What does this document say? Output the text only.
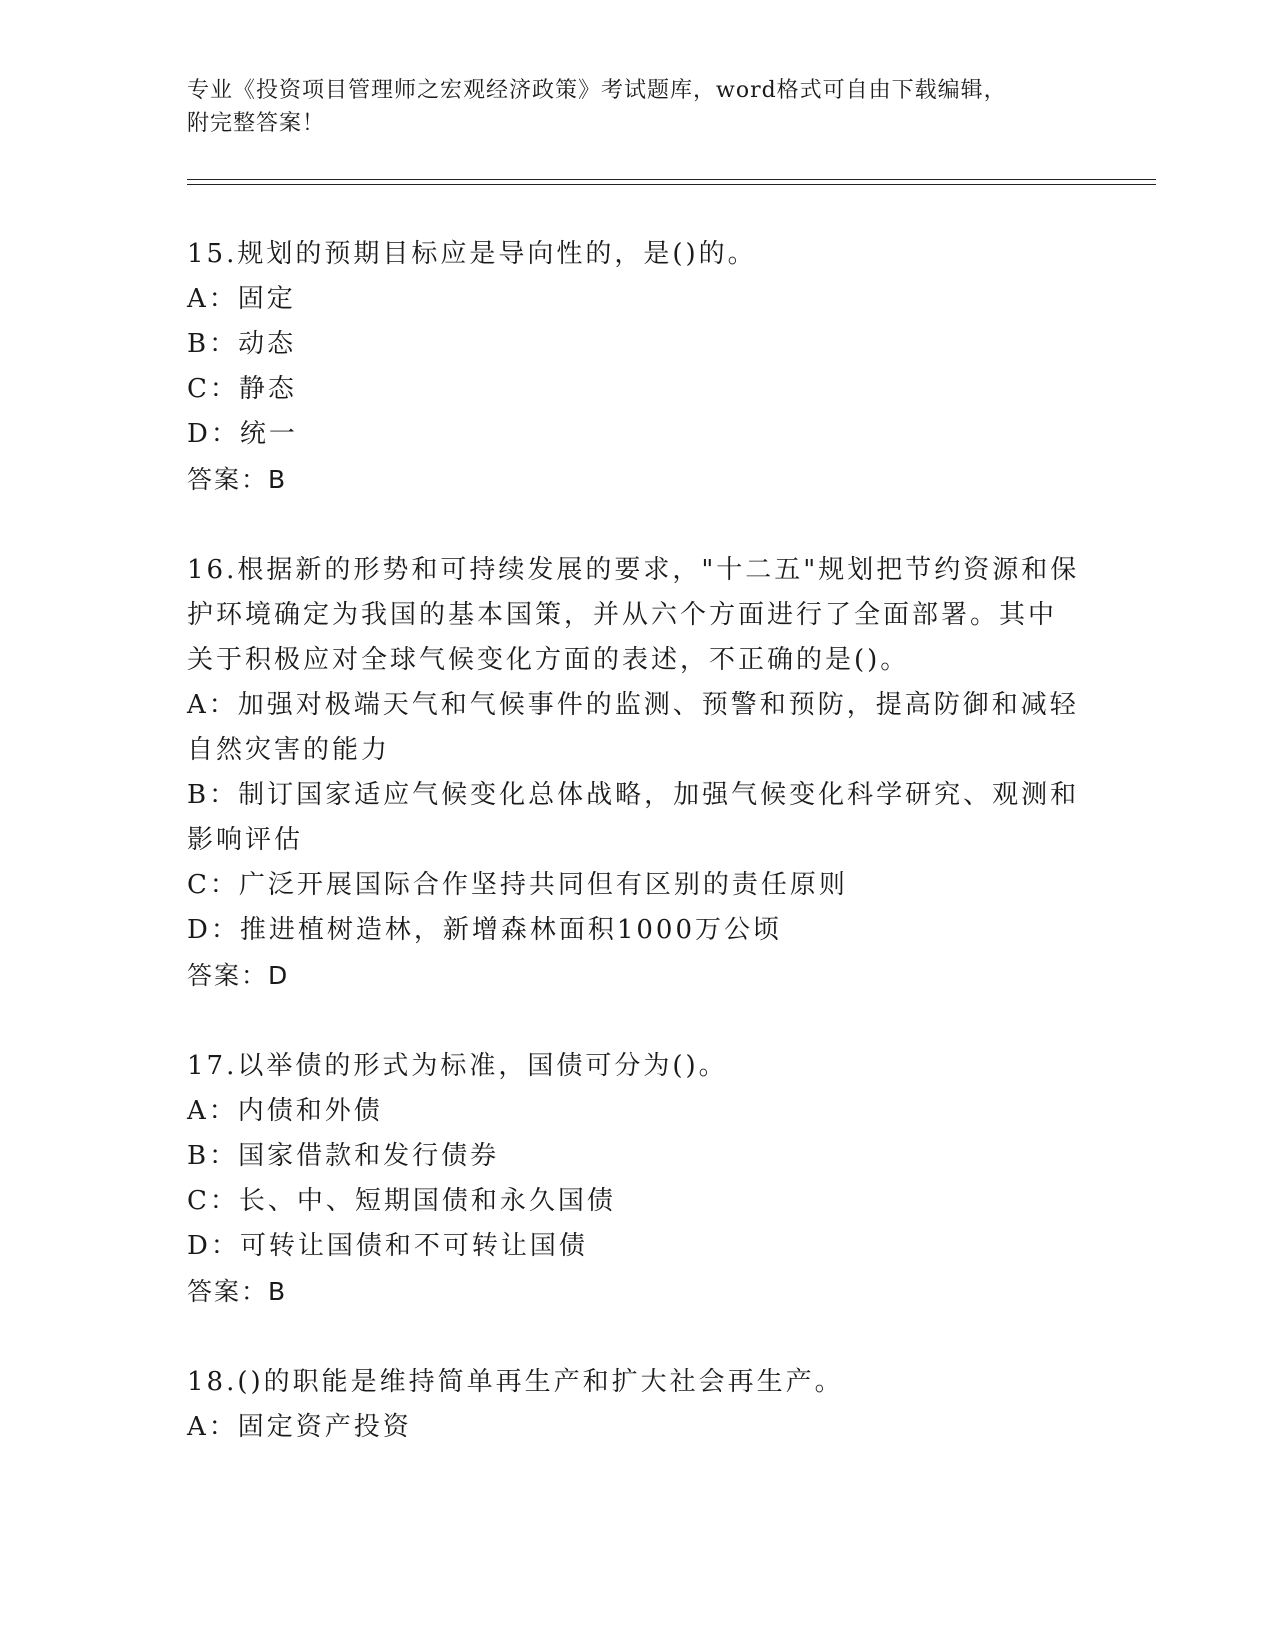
专业《投资项目管理师之宏观经济政策》考试题库，word格式可自由下载编辑，
附完整答案！
15.规划的预期目标应是导向性的，是()的。
A：固定
B：动态
C：静态
D：统一
答案：B
16.根据新的形势和可持续发展的要求，"十二五"规划把节约资源和保
护环境确定为我国的基本国策，并从六个方面进行了全面部署。其中
关于积极应对全球气候变化方面的表述，不正确的是()。
A：加强对极端天气和气候事件的监测、预警和预防，提高防御和减轻
自然灾害的能力
B：制订国家适应气候变化总体战略，加强气候变化科学研究、观测和
影响评估
C：广泛开展国际合作坚持共同但有区别的责任原则
D：推进植树造林，新增森林面积1000万公顷
答案：D
17.以举债的形式为标准，国债可分为()。
A：内债和外债
B：国家借款和发行债券
C：长、中、短期国债和永久国债
D：可转让国债和不可转让国债
答案：B
18.()的职能是维持简单再生产和扩大社会再生产。
A：固定资产投资
